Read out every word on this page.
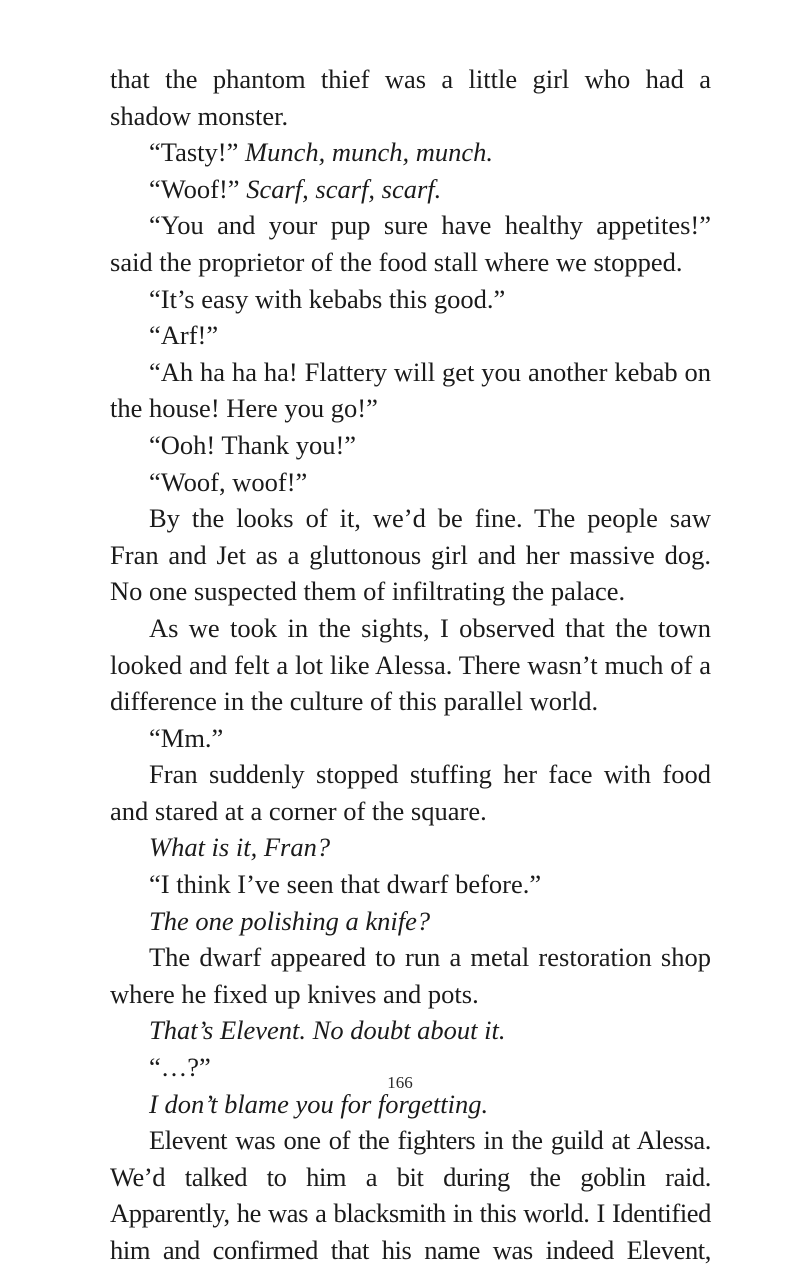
that the phantom thief was a little girl who had a shadow monster.

“Tasty!” Munch, munch, munch.

“Woof!” Scarf, scarf, scarf.

“You and your pup sure have healthy appetites!” said the proprietor of the food stall where we stopped.

“It’s easy with kebabs this good.”

“Arf!”

“Ah ha ha ha! Flattery will get you another kebab on the house! Here you go!”

“Ooh! Thank you!”

“Woof, woof!”

By the looks of it, we’d be fine. The people saw Fran and Jet as a gluttonous girl and her massive dog. No one suspected them of infiltrating the palace.

As we took in the sights, I observed that the town looked and felt a lot like Alessa. There wasn’t much of a difference in the culture of this parallel world.

“Mm.”

Fran suddenly stopped stuffing her face with food and stared at a corner of the square.

What is it, Fran?

“I think I’ve seen that dwarf before.”

The one polishing a knife?

The dwarf appeared to run a metal restoration shop where he fixed up knives and pots.

That’s Elevent. No doubt about it.

“…?”

I don’t blame you for forgetting.

Elevent was one of the fighters in the guild at Alessa. We’d talked to him a bit during the goblin raid. Apparently, he was a blacksmith in this world. I Identified him and confirmed that his name was indeed Elevent,

166
